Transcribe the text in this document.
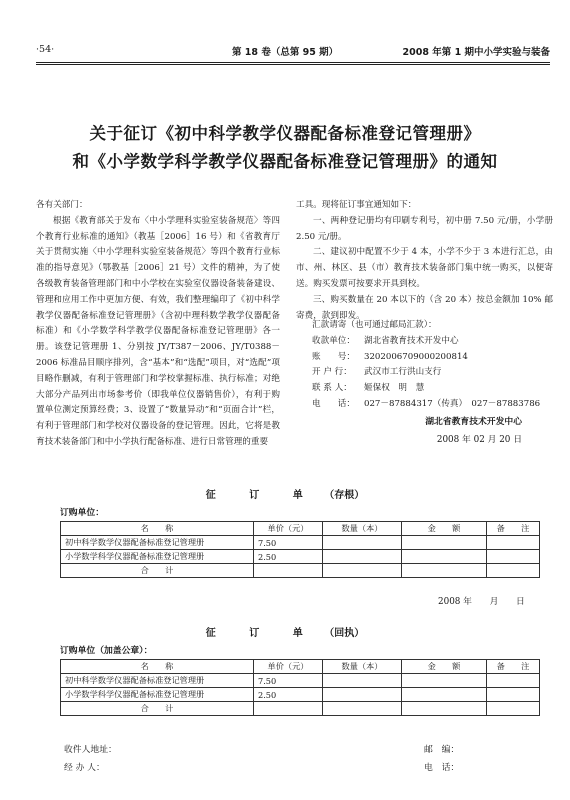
·54·	第 18 卷（总第 95 期）	2008 年第 1 期中小学实验与装备
关于征订《初中科学教学仪器配备标准登记管理册》
和《小学数学科学教学仪器配备标准登记管理册》的通知

各有关部门：

根据《教育部关于发布〈中小学理科实验室装备规范〉等四个教育行业标准的通知》（教基［2006］16 号）和《省教育厅关于贯彻实施〈中小学理科实验室装备规范〉等四个教育行业标准的指导意见》（鄂教基［2006］21 号）文件的精神，为了使各级教育装备管理部门和中小学校在实验室仪器设备装备建设、管理和应用工作中更加方便、有效，我们整理编印了《初中科学教学仪器配备标准登记管理册》（含初中理科数学教学仪器配备标准）和《小学数学科学教学仪器配备标准登记管理册》各一册。该登记管理册 1、分别按 JY/T387－2006、JY/T0388－2006 标准品目顺序排列，含“基本”和“选配”项目，对“选配”项目略作删减，有利于管理部门和学校掌握标准、执行标准；对绝大部分产品列出市场参考价（即我单位仪器销售价），有利于购置单位测定预算经费；3、设置了“数量异动”和“页面合计”栏，有利于管理部门和学校对仪器设备的登记管理。因此，它将是教育技术装备部门和中小学执行配备标准、进行日常管理的重要

工具。现将征订事宜通知如下：

一、两种登记册均有印刷专利号，初中册 7.50 元/册，小学册 2.50 元/册。

二、建议初中配置不少于 4 本，小学不少于 3 本进行汇总，由市、州、林区、县（市）教育技术装备部门集中统一购买，以便寄送。购买发票可按要求开具到校。

三、购买数量在 20 本以下的（含 20 本）按总金额加 10% 邮寄费，款到即发。

汇款请寄（也可通过邮局汇款）：
收款单位： 湖北省教育技术开发中心
账　　号： 3202006709000200814
开 户 行： 武汉市工行洪山支行
联 系 人： 姬保权　明　慧
电　　话： 027－87884317（传真）　027－87883786
湖北省教育技术开发中心
2008 年 02 月 20 日
征	订	单 （存根）
订购单位：
名　　称	单价（元）	数量（本）	金　　额	备　　注
初中科学数学仪器配备标准登记管理册	7.50			
小学数学科学仪器配备标准登记管理册	2.50			
合　　计				
2008 年　　月　　日
征	订	单 （回执）
订购单位（加盖公章）：
名　　称	单价（元）	数量（本）	金　　额	备　　注
初中科学数学仪器配备标准登记管理册	7.50			
小学数学科学仪器配备标准登记管理册	2.50			
合　　计				
收件人地址：
经 办 人：
邮　编：
电　话：
